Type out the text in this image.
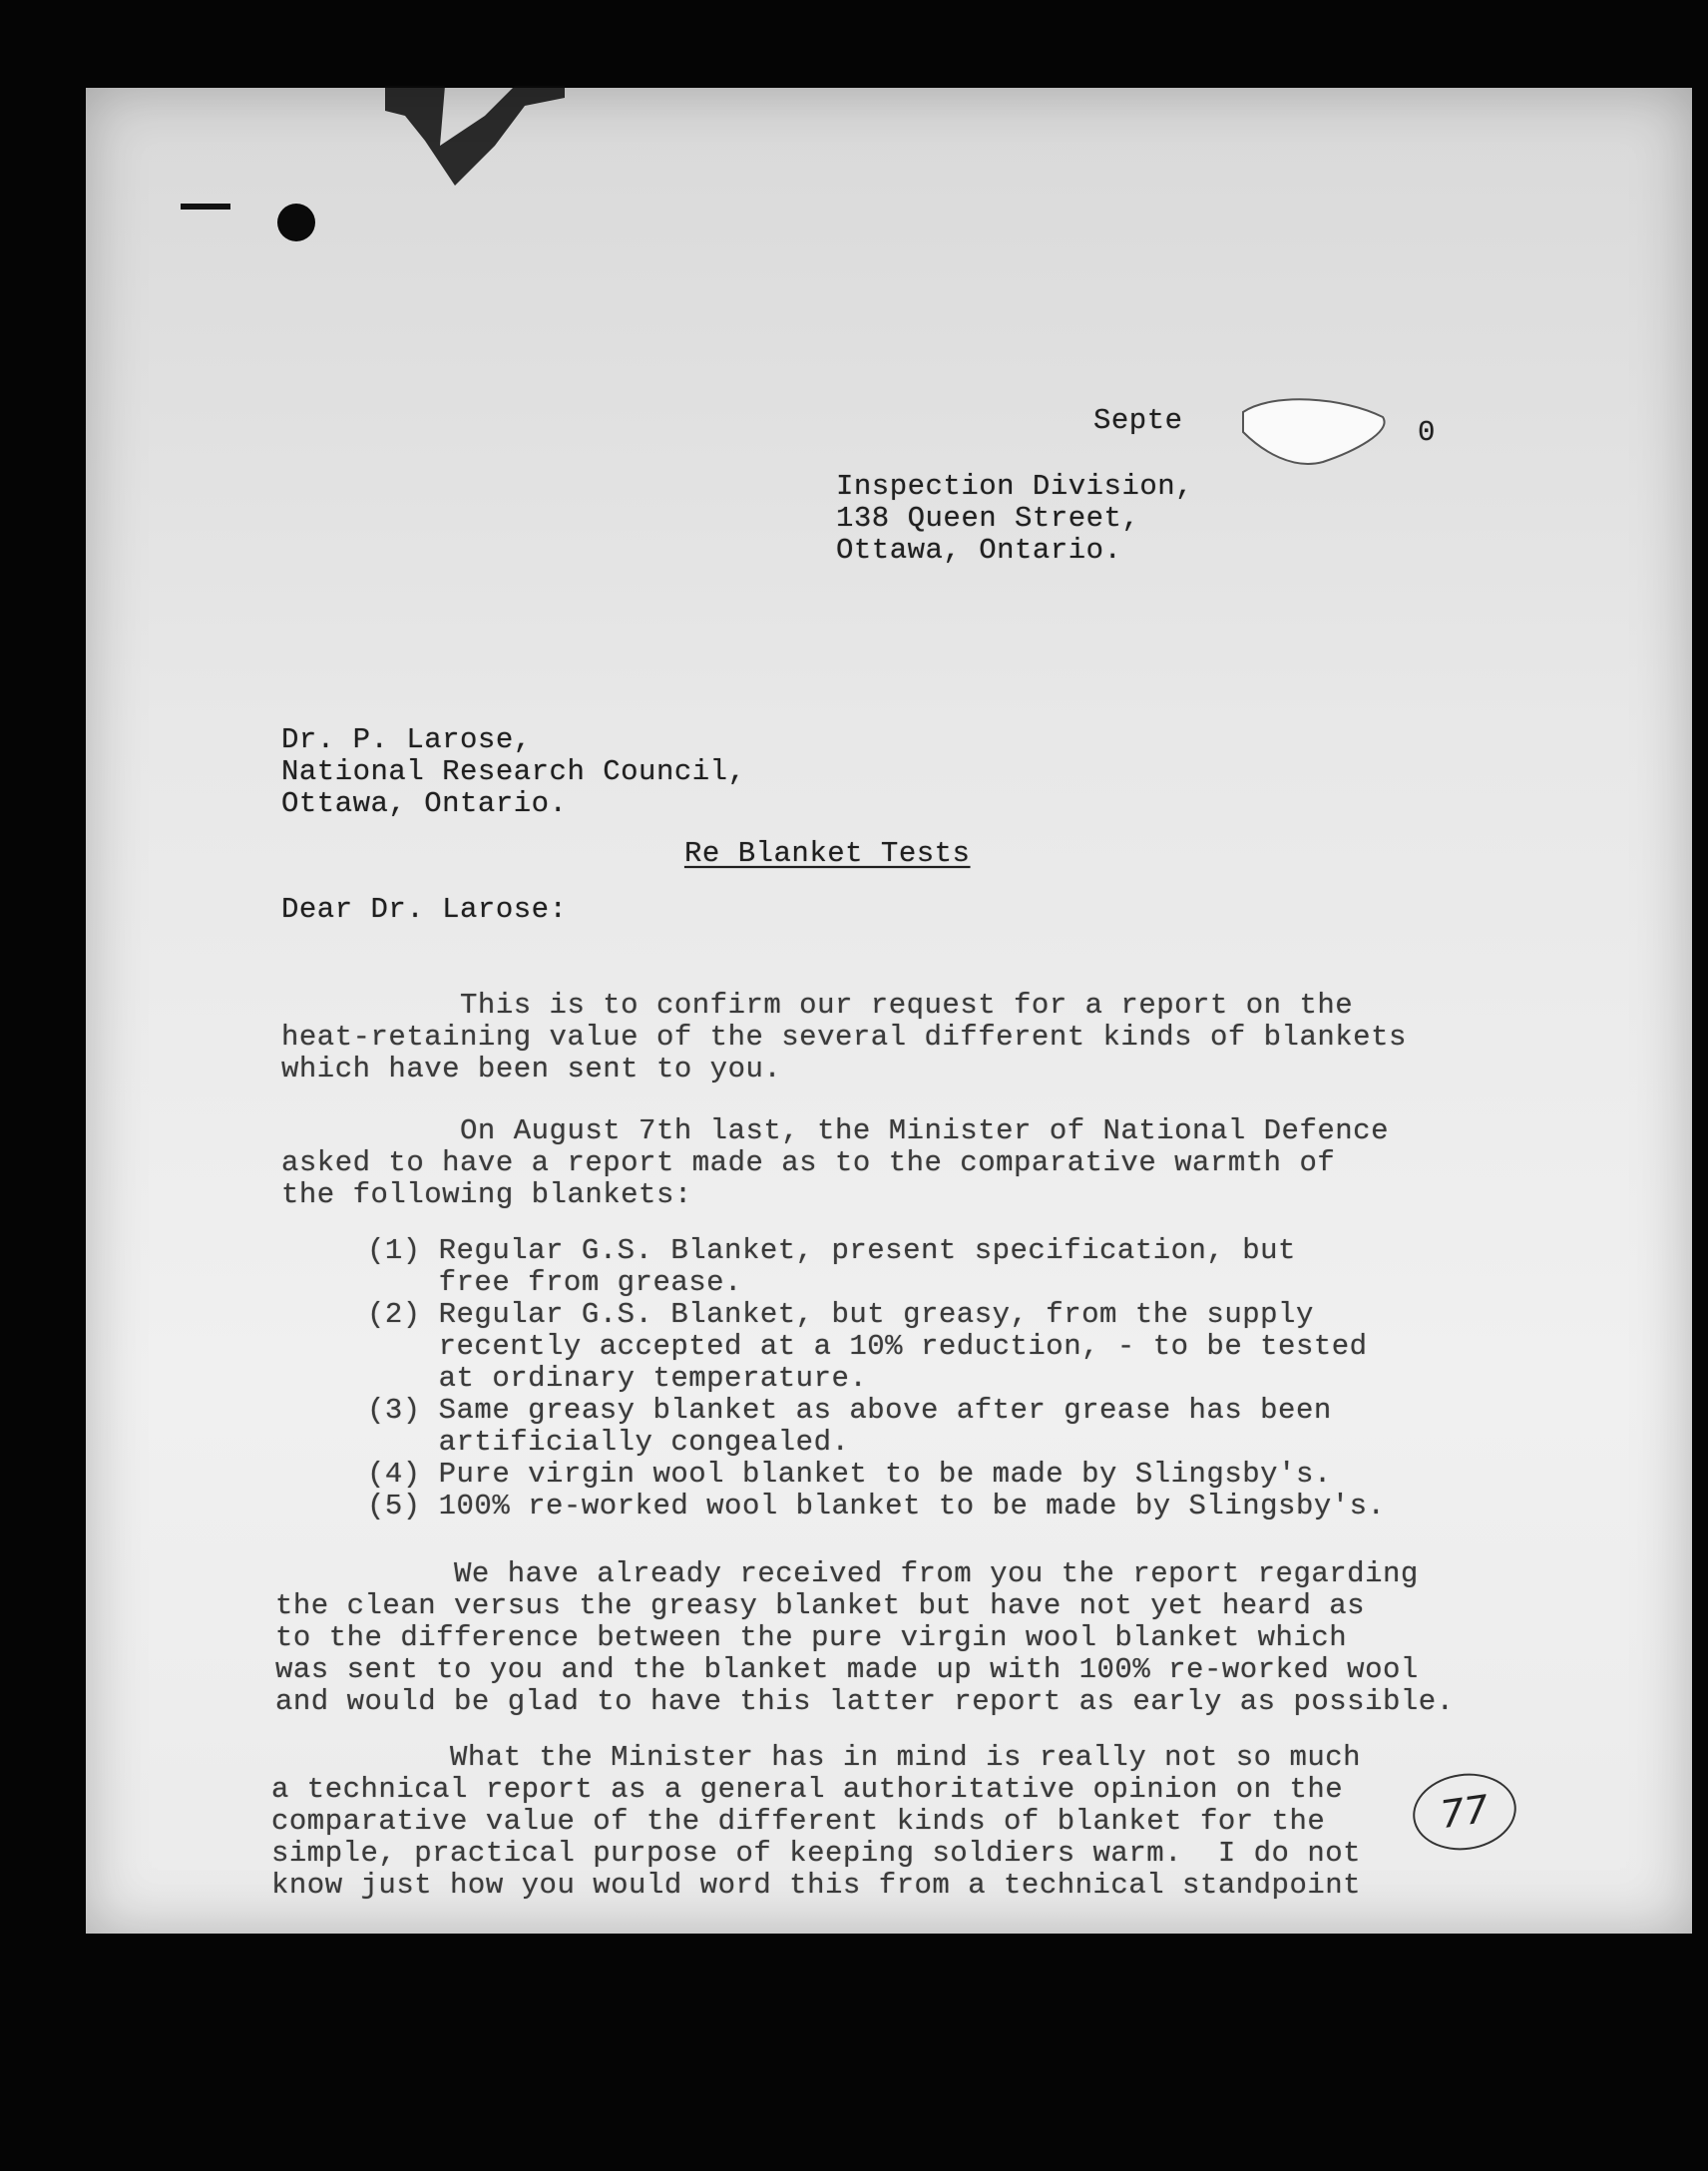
Septe	0

Inspection Division,

138 Queen Street,

Ottawa, Ontario.

Dr. P. Larose,

National Research Council,

Ottawa, Ontario.

Re Blanket Tests

Dear Dr. Larose:

This is to confirm our request for a report on the

heat-retaining value of the several different kinds of blankets

which have been sent to you.

On August 7th last, the Minister of National Defence

asked to have a report made as to the comparative warmth of

the following blankets:

(1) Regular G.S. Blanket, present specification, but

free from grease.

(2) Regular G.S. Blanket, but greasy, from the supply

recently accepted at a 10% reduction, - to be tested

at ordinary temperature.

(3) Same greasy blanket as above after grease has been

artificially congealed.

(4) Pure virgin wool blanket to be made by Slingsby's.

(5) 100% re-worked wool blanket to be made by Slingsby's.

We have already received from you the report regarding

the clean versus the greasy blanket but have not yet heard as

to the difference between the pure virgin wool blanket which

was sent to you and the blanket made up with 100% re-worked wool

and would be glad to have this latter report as early as possible.

What the Minister has in mind is really not so much

a technical report as a general authoritative opinion on the

comparative value of the different kinds of blanket for the

simple, practical purpose of keeping soldiers warm.  I do not

know just how you would word this from a technical standpoint

77
